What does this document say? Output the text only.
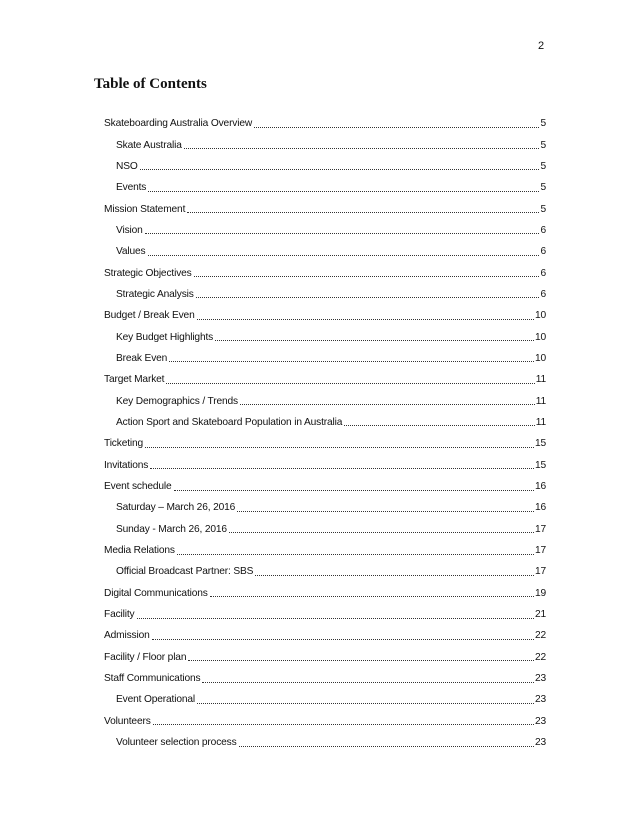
2
Table of Contents
Skateboarding Australia Overview	5
Skate Australia	5
NSO	5
Events	5
Mission Statement	5
Vision	6
Values	6
Strategic Objectives	6
Strategic Analysis	6
Budget / Break Even	10
Key Budget Highlights	10
Break Even	10
Target Market	11
Key Demographics / Trends	11
Action Sport and Skateboard Population in Australia	11
Ticketing	15
Invitations	15
Event schedule	16
Saturday – March 26, 2016	16
Sunday - March 26, 2016	17
Media Relations	17
Official Broadcast Partner: SBS	17
Digital Communications	19
Facility	21
Admission	22
Facility / Floor plan	22
Staff Communications	23
Event Operational	23
Volunteers	23
Volunteer selection process	23
